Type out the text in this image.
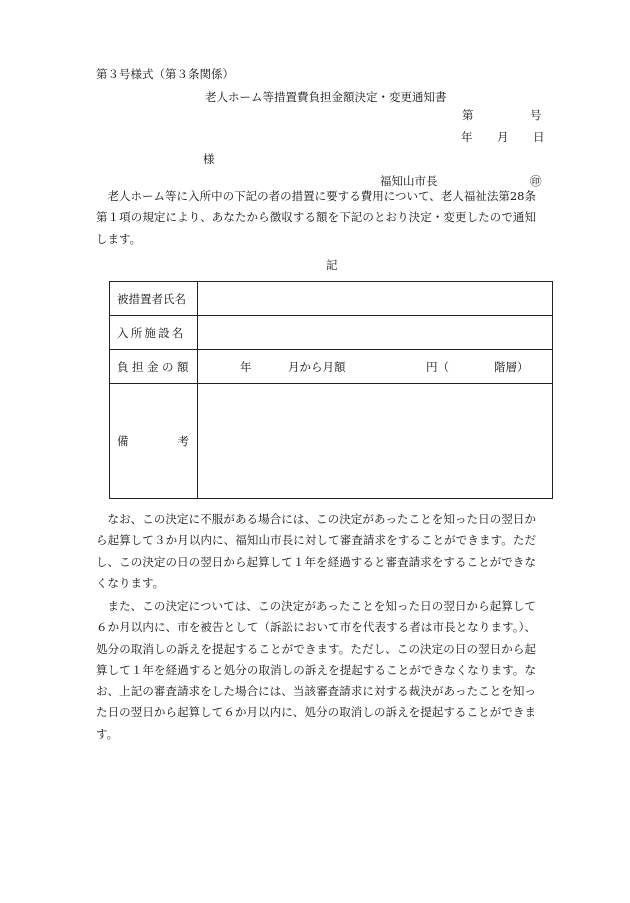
第３号様式（第３条関係）
老人ホーム等措置費負担金額決定・変更通知書
第	号
年 月 日
様
福知山市長	㊞
老人ホーム等に入所中の下記の者の措置に要する費用について、老人福祉法第28条第１項の規定により、あなたから徴収する額を下記のとおり決定・変更したので通知します。
記
被措置者氏名	
入所施設名	
負担金の額	年 月から月額 円（ 階層）

備 考	

なお、この決定に不服がある場合には、この決定があったことを知った日の翌日から起算して３か月以内に、福知山市長に対して審査請求をすることができます。ただし、この決定の日の翌日から起算して１年を経過すると審査請求をすることができなくなります。
また、この決定については、この決定があったことを知った日の翌日から起算して６か月以内に、市を被告として（訴訟において市を代表する者は市長となります。）、処分の取消しの訴えを提起することができます。ただし、この決定の日の翌日から起算して１年を経過すると処分の取消しの訴えを提起することができなくなります。なお、上記の審査請求をした場合には、当該審査請求に対する裁決があったことを知った日の翌日から起算して６か月以内に、処分の取消しの訴えを提起することができます。
